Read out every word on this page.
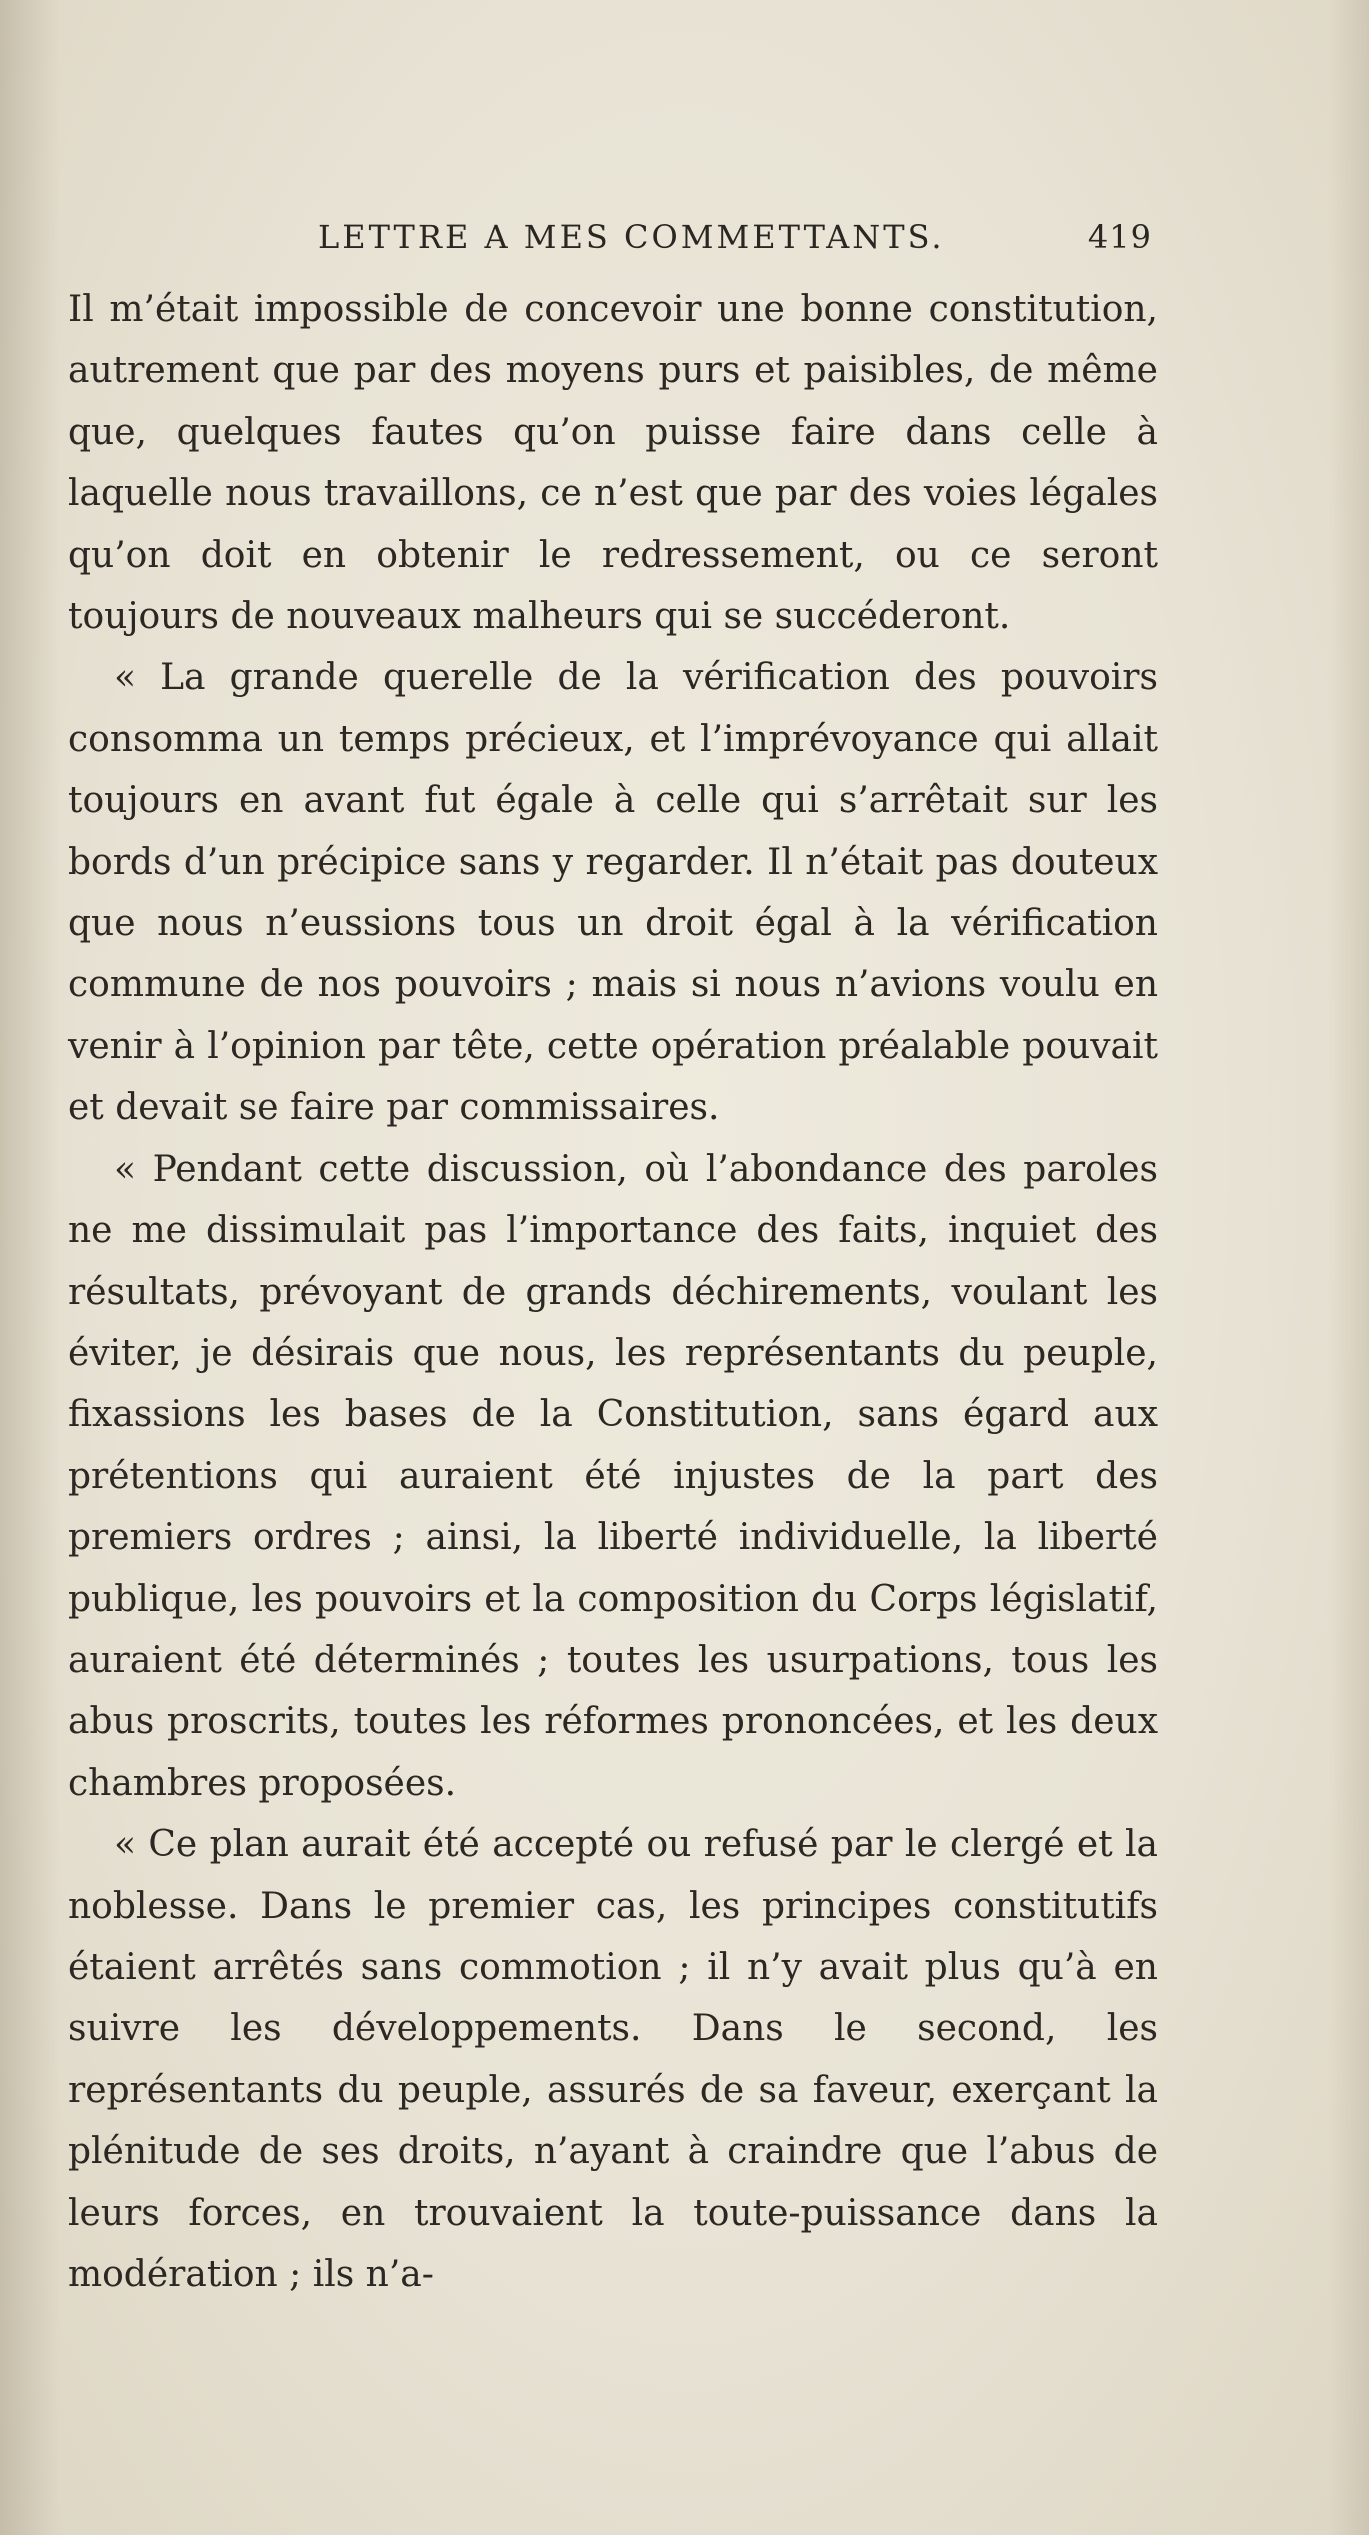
LETTRE A MES COMMETTANTS.	419

Il m’était impossible de concevoir une bonne constitution, autrement que par des moyens purs et paisibles, de même que, quelques fautes qu’on puisse faire dans celle à laquelle nous travaillons, ce n’est que par des voies légales qu’on doit en obtenir le redressement, ou ce seront toujours de nouveaux malheurs qui se succéderont.

« La grande querelle de la vérification des pouvoirs consomma un temps précieux, et l’imprévoyance qui allait toujours en avant fut égale à celle qui s’arrêtait sur les bords d’un précipice sans y regarder. Il n’était pas douteux que nous n’eussions tous un droit égal à la vérification commune de nos pouvoirs ; mais si nous n’avions voulu en venir à l’opinion par tête, cette opération préalable pouvait et devait se faire par commissaires.

« Pendant cette discussion, où l’abondance des paroles ne me dissimulait pas l’importance des faits, inquiet des résultats, prévoyant de grands déchirements, voulant les éviter, je désirais que nous, les représentants du peuple, fixassions les bases de la Constitution, sans égard aux prétentions qui auraient été injustes de la part des premiers ordres ; ainsi, la liberté individuelle, la liberté publique, les pouvoirs et la composition du Corps législatif, auraient été déterminés ; toutes les usurpations, tous les abus proscrits, toutes les réformes prononcées, et les deux chambres proposées.

« Ce plan aurait été accepté ou refusé par le clergé et la noblesse. Dans le premier cas, les principes constitutifs étaient arrêtés sans commotion ; il n’y avait plus qu’à en suivre les développements. Dans le second, les représentants du peuple, assurés de sa faveur, exerçant la plénitude de ses droits, n’ayant à craindre que l’abus de leurs forces, en trouvaient la toute-puissance dans la modération ; ils n’a-
